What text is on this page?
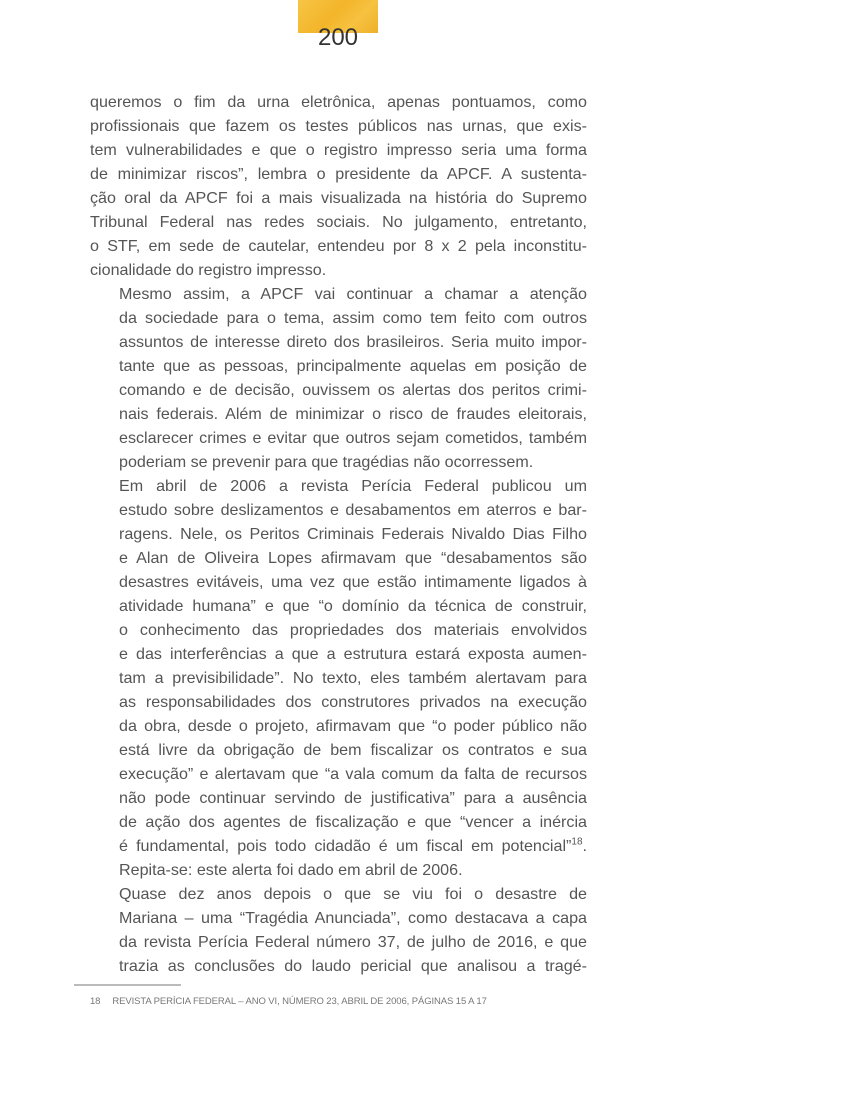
200

queremos o fim da urna eletrônica, apenas pontuamos, como
profissionais que fazem os testes públicos nas urnas, que exis-
tem vulnerabilidades e que o registro impresso seria uma forma
de minimizar riscos”, lembra o presidente da APCF. A sustenta-
ção oral da APCF foi a mais visualizada na história do Supremo
Tribunal Federal nas redes sociais. No julgamento, entretanto,
o STF, em sede de cautelar, entendeu por 8 x 2 pela inconstitu-
cionalidade do registro impresso.

Mesmo assim, a APCF vai continuar a chamar a atenção
da sociedade para o tema, assim como tem feito com outros
assuntos de interesse direto dos brasileiros. Seria muito impor-
tante que as pessoas, principalmente aquelas em posição de
comando e de decisão, ouvissem os alertas dos peritos crimi-
nais federais. Além de minimizar o risco de fraudes eleitorais,
esclarecer crimes e evitar que outros sejam cometidos, também
poderiam se prevenir para que tragédias não ocorressem.

Em abril de 2006 a revista Perícia Federal publicou um
estudo sobre deslizamentos e desabamentos em aterros e bar-
ragens. Nele, os Peritos Criminais Federais Nivaldo Dias Filho
e Alan de Oliveira Lopes afirmavam que “desabamentos são
desastres evitáveis, uma vez que estão intimamente ligados à
atividade humana” e que “o domínio da técnica de construir,
o conhecimento das propriedades dos materiais envolvidos
e das interferências a que a estrutura estará exposta aumen-
tam a previsibilidade”. No texto, eles também alertavam para
as responsabilidades dos construtores privados na execução
da obra, desde o projeto, afirmavam que “o poder público não
está livre da obrigação de bem fiscalizar os contratos e sua
execução” e alertavam que “a vala comum da falta de recursos
não pode continuar servindo de justificativa” para a ausência
de ação dos agentes de fiscalização e que “vencer a inércia
é fundamental, pois todo cidadão é um fiscal em potencial”$^{18}$.
Repita-se: este alerta foi dado em abril de 2006.

Quase dez anos depois o que se viu foi o desastre de
Mariana – uma “Tragédia Anunciada”, como destacava a capa
da revista Perícia Federal número 37, de julho de 2016, e que
trazia as conclusões do laudo pericial que analisou a tragé-

18 REVISTA PERÍCIA FEDERAL – ANO VI, NÚMERO 23, ABRIL DE 2006, PÁGINAS 15 A 17
